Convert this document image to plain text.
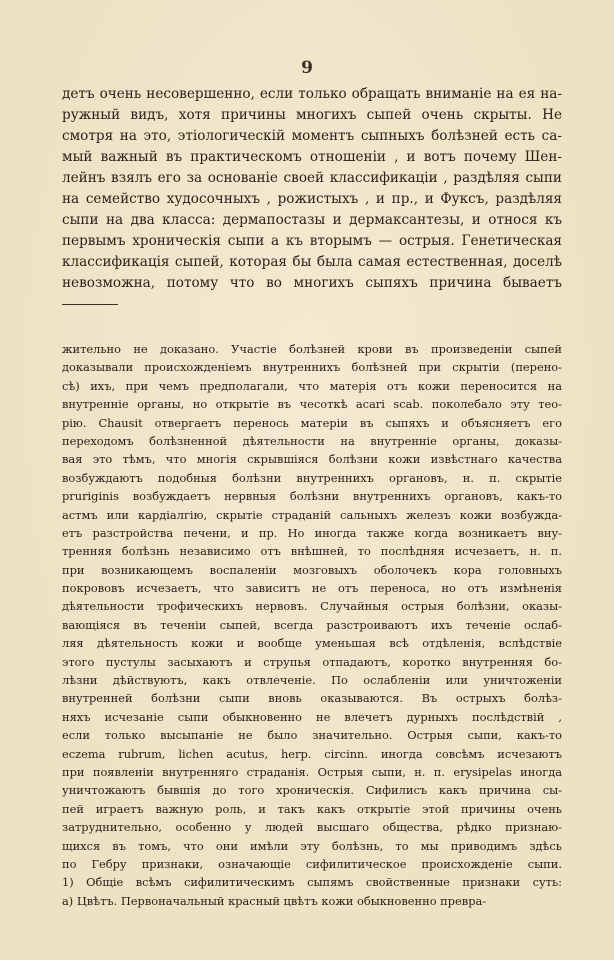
9
детъ очень несовершенно, если только обращать вниманіе на ея на-
ружный видъ, хотя причины многихъ сыпей очень скрыты. Не
смотря на это, этіологическій моментъ сыпныхъ болѣзней есть са-
мый важный въ практическомъ отношеніи , и вотъ почему Шен-
лейнъ взялъ его за основаніе своей классификаціи , раздѣляя сыпи
на семейство худосочныхъ , рожистыхъ , и пр., и Фуксъ, раздѣляя
сыпи на два класса: дермапостазы и дермаксантезы, и относя къ
первымъ хроническія сыпи а къ вторымъ — острыя. Генетическая
классификація сыпей, которая бы была самая естественная, доселѣ
невозможна, потому что во многихъ сыпяхъ причина бываетъ
жительно не доказано. Участіе болѣзней крови въ произведеніи сыпей
доказывали происхожденіемъ внутреннихъ болѣзней при скрытіи (перено-
сѣ) ихъ, при чемъ предполагали, что матерія отъ кожи переносится на
внутренніе органы, но открытіе въ чесоткѣ acari scab. поколебало эту тео-
рію. Chausit отвергаетъ перенось матеріи въ сыпяхъ и объясняетъ его
переходомъ болѣзненной дѣятельности на внутренніе органы, доказы-
вая это тѣмъ, что многія скрывшіяся болѣзни кожи извѣстнаго качества
возбуждаютъ подобныя болѣзни внутреннихъ органовъ, н. п. скрытіе
pruriginis возбуждаетъ нервныя болѣзни внутреннихъ органовъ, какъ-то
астмъ или кардіалгію, скрытіе страданій сальныхъ железъ кожи возбужда-
етъ разстройства печени, и пр. Но иногда также когда возникаетъ вну-
тренняя болѣзнь независимо отъ внѣшней, то послѣдняя исчезаетъ, н. п.
при возникающемъ воспаленіи мозговыхъ оболочекъ кора головныхъ
покрововъ исчезаетъ, что зависитъ не отъ переноса, но отъ измѣненія
дѣятельности трофическихъ нервовъ. Случайныя острыя болѣзни, оказы-
вающіяся въ теченіи сыпей, всегда разстроиваютъ ихъ теченіе ослаб-
ляя дѣятельность кожи и вообще уменьшая всѣ отдѣленія, вслѣдствіе
этого пустулы засыхаютъ и струпья отпадаютъ, коротко внутренняя бо-
лѣзни дѣйствуютъ, какъ отвлеченіе. По ослабленіи или уничтоженіи
внутренней болѣзни сыпи вновь оказываются. Въ острыхъ болѣз-
няхъ исчезаніе сыпи обыкновенно не влечетъ дурныхъ послѣдствій ,
если только высыпаніе не было значительно. Острыя сыпи, какъ-то
eczema rubrum, lichen acutus, herp. circinn. иногда совсѣмъ исчезаютъ
при появленіи внутренняго страданія. Острыя сыпи, н. п. erysipelas иногда
уничтожаютъ бывшія до того хроническія. Сифилисъ какъ причина сы-
пей играетъ важную роль, и такъ какъ открытіе этой причины очень
затруднительно, особенно у людей высшаго общества, рѣдко признаю-
щихся въ томъ, что они имѣли эту болѣзнь, то мы приводимъ здѣсь
по Гебру признаки, означающіе сифилитическое происхожденіе сыпи.
1) Общіе всѣмъ сифилитическимъ сыпямъ свойственные признаки суть:
а) Цвѣтъ. Первоначальный красный цвѣтъ кожи обыкновенно превра-
